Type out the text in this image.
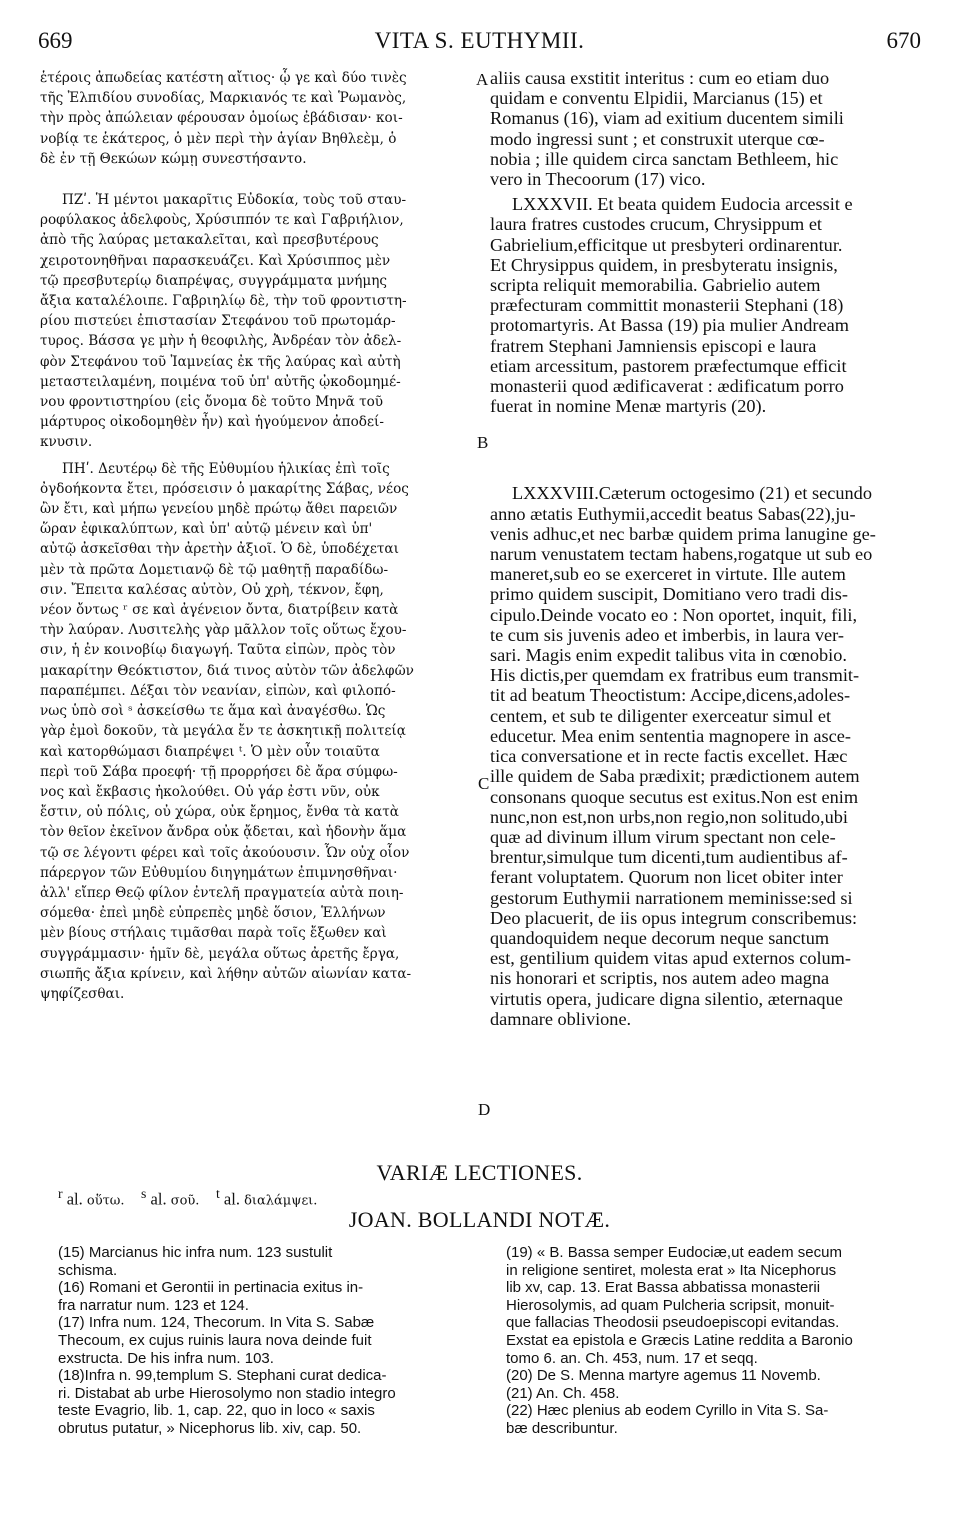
669	VITA S. EUTHYMII.	670
ἑτέροις ἀπωδείας κατέστη αἴτιος· ᾧ γε καὶ δύο τινὲς
τῆς Ἐλπιδίου συνοδίας, Μαρκιανός τε καὶ Ῥωμανὸς,
τὴν πρὸς ἀπώλειαν φέρουσαν ὁμοίως ἐβάδισαν· κοι-
νοβίᾳ τε ἑκάτερος, ὁ μὲν περὶ τὴν ἁγίαν Βηθλεὲμ, ὁ
δὲ ἐν τῇ Θεκώων κώμῃ συνεστήσαντο.
ΠΖʹ. Ἡ μέντοι μακαρῖτις Εὐδοκία, τοὺς τοῦ σταυ-
ροφύλακος ἀδελφοὺς, Χρύσιππόν τε καὶ Γαβριήλιον,
ἀπὸ τῆς λαύρας μετακαλεῖται, καὶ πρεσβυτέρους
χειροτονηθῆναι παρασκευάζει. Καὶ Χρύσιππος μὲν
τῷ πρεσβυτερίῳ διαπρέψας, συγγράμματα μνήμης
ἄξια καταλέλοιπε. Γαβριηλίῳ δὲ, τὴν τοῦ φροντιστη-
ρίου πιστεύει ἐπιστασίαν Στεφάνου τοῦ πρωτομάρ-
τυρος. Βάσσα γε μὴν ἡ θεοφιλὴς, Ἀνδρέαν τὸν ἀδελ-
φὸν Στεφάνου τοῦ Ἰαμνείας ἐκ τῆς λαύρας καὶ αὐτὴ
μεταστειλαμένη, ποιμένα τοῦ ὑπ' αὐτῆς ᾠκοδομημέ-
νου φροντιστηρίου (εἰς ὄνομα δὲ τοῦτο Μηνᾶ τοῦ
μάρτυρος οἰκοδομηθὲν ἦν) καὶ ἡγούμενον ἀποδεί-
κνυσιν.
ΠΗʹ. Δευτέρῳ δὲ τῆς Εὐθυμίου ἡλικίας ἐπὶ τοῖς
ὀγδοήκοντα ἔτει, πρόσεισιν ὁ μακαρίτης Σάβας, νέος
ὢν ἔτι, καὶ μήπω γενείου μηδὲ πρώτῳ ἄθει παρειῶν
ὥραν ἐφικαλύπτων, καὶ ὑπ' αὐτῷ μένειν καὶ ὑπ'
αὐτῷ ἀσκεῖσθαι τὴν ἀρετὴν ἀξιοῖ. Ὁ δὲ, ὑποδέχεται
μὲν τὰ πρῶτα Δομετιανῷ δὲ τῷ μαθητῇ παραδίδω-
σιν. Ἔπειτα καλέσας αὐτὸν, Οὐ χρὴ, τέκνον, ἔφη,
νέον ὄντως ʳ σε καὶ ἀγένειον ὄντα, διατρίβειν κατὰ
τὴν λαύραν. Λυσιτελὴς γὰρ μᾶλλον τοῖς οὕτως ἔχου-
σιν, ἡ ἐν κοινοβίῳ διαγωγή. Ταῦτα εἰπὼν, πρὸς τὸν
μακαρίτην Θεόκτιστον, διά τινος αὐτὸν τῶν ἀδελφῶν
παραπέμπει. Δέξαι τὸν νεανίαν, εἰπὼν, καὶ φιλοπό-
νως ὑπὸ σοὶ ˢ ἀσκείσθω τε ἅμα καὶ ἀναγέσθω. Ὡς
γὰρ ἐμοὶ δοκοῦν, τὰ μεγάλα ἔν τε ἀσκητικῇ πολιτείᾳ
καὶ κατορθώμασι διαπρέψει ᵗ. Ὁ μὲν οὖν τοιαῦτα
περὶ τοῦ Σάβα προεφή· τῇ προρρήσει δὲ ἄρα σύμφω-
νος καὶ ἔκβασις ἠκολούθει. Οὐ γάρ ἐστι νῦν, οὐκ
ἔστιν, οὐ πόλις, οὐ χώρα, οὐκ ἔρημος, ἔνθα τὰ κατὰ
τὸν θεῖον ἐκεῖνον ἄνδρα οὐκ ᾄδεται, καὶ ἡδονὴν ἅμα
τῷ σε λέγοντι φέρει καὶ τοῖς ἀκούουσιν. Ὧν οὐχ οἷον
πάρεργον τῶν Εὐθυμίου διηγημάτων ἐπιμνησθῆναι·
ἀλλ' εἴπερ Θεῷ φίλον ἐντελῆ πραγματεία αὐτὰ ποιη-
σόμεθα· ἐπεὶ μηδὲ εὐπρεπὲς μηδὲ ὅσιον, Ἑλλήνων
μὲν βίους στήλαις τιμᾶσθαι παρὰ τοῖς ἔξωθεν καὶ
συγγράμμασιν· ἡμῖν δὲ, μεγάλα οὕτως ἀρετῆς ἔργα,
σιωπῆς ἄξια κρίνειν, καὶ λήθην αὐτῶν αἰωνίαν κατα-
ψηφίζεσθαι.
aliis causa exstitit interitus : cum eo etiam duo
quidam e conventu Elpidii, Marcianus (15) et
Romanus (16), viam ad exitium ducentem simili
modo ingressi sunt ; et construxit uterque cœ-
nobia ; ille quidem circa sanctam Bethleem, hic
vero in Thecoorum (17) vico.
LXXXVII. Et beata quidem Eudocia arcessit e
laura fratres custodes crucum, Chrysippum et
Gabrielium,efficitque ut presbyteri ordinarentur.
Et Chrysippus quidem, in presbyteratu insignis,
scripta reliquit memorabilia. Gabrielio autem
præfecturam committit monasterii Stephani (18)
protomartyris. At Bassa (19) pia mulier Andream
fratrem Stephani Jamniensis episcopi e laura
etiam arcessitum, pastorem præfectumque efficit
monasterii quod ædificaverat : ædificatum porro
fuerat in nomine Menæ martyris (20).
LXXXVIII.Cæterum octogesimo (21) et secundo
anno ætatis Euthymii,accedit beatus Sabas(22),ju-
venis adhuc,et nec barbæ quidem prima lanugine ge-
narum venustatem tectam habens,rogatque ut sub eo
maneret,sub eo se exerceret in virtute. Ille autem
primo quidem suscipit, Domitiano vero tradi dis-
cipulo.Deinde vocato eo : Non oportet, inquit, fili,
te cum sis juvenis adeo et imberbis, in laura ver-
sari. Magis enim expedit talibus vita in cœnobio.
His dictis,per quemdam ex fratribus eum transmit-
tit ad beatum Theoctistum: Accipe,dicens,adoles-
centem, et sub te diligenter exerceatur simul et
educetur. Mea enim sententia magnopere in asce-
tica conversatione et in recte factis excellet. Hæc
ille quidem de Saba prædixit; prædictionem autem
consonans quoque secutus est exitus.Non est enim
nunc,non est,non urbs,non regio,non solitudo,ubi
quæ ad divinum illum virum spectant non cele-
brentur,simulque tum dicenti,tum audientibus af-
ferant voluptatem. Quorum non licet obiter inter
gestorum Euthymii narrationem meminisse:sed si
Deo placuerit, de iis opus integrum conscribemus:
quandoquidem neque decorum neque sanctum
est, gentilium quidem vitas apud externos colum-
nis honorari et scriptis, nos autem adeo magna
virtutis opera, judicare digna silentio, æternaque
damnare oblivione.
A
B
C
D
VARIÆ LECTIONES.
$^r$ al. οὕτω. $^s$ al. σοῦ. $^t$ al. διαλάμψει.
JOAN. BOLLANDI NOTÆ.
(15) Marcianus hic infra num. 123 sustulit
schisma.
(16) Romani et Gerontii in pertinacia exitus in-
fra narratur num. 123 et 124.
(17) Infra num. 124, Thecorum. In Vita S. Sabæ
Thecoum, ex cujus ruinis laura nova deinde fuit
exstructa. De his infra num. 103.
(18)Infra n. 99,templum S. Stephani curat dedica-
ri. Distabat ab urbe Hierosolymo non stadio integro
teste Evagrio, lib. 1, cap. 22, quo in loco « saxis
obrutus putatur, » Nicephorus lib. xiv, cap. 50.
(19) « B. Bassa semper Eudociæ,ut eadem secum
in religione sentiret, molesta erat » Ita Nicephorus
lib xv, cap. 13. Erat Bassa abbatissa monasterii
Hierosolymis, ad quam Pulcheria scripsit, monuit-
que fallacias Theodosii pseudoepiscopi evitandas.
Exstat ea epistola e Græcis Latine reddita a Baronio
tomo 6. an. Ch. 453, num. 17 et seqq.
(20) De S. Menna martyre agemus 11 Novemb.
(21) An. Ch. 458.
(22) Hæc plenius ab eodem Cyrillo in Vita S. Sa-
bæ describuntur.
